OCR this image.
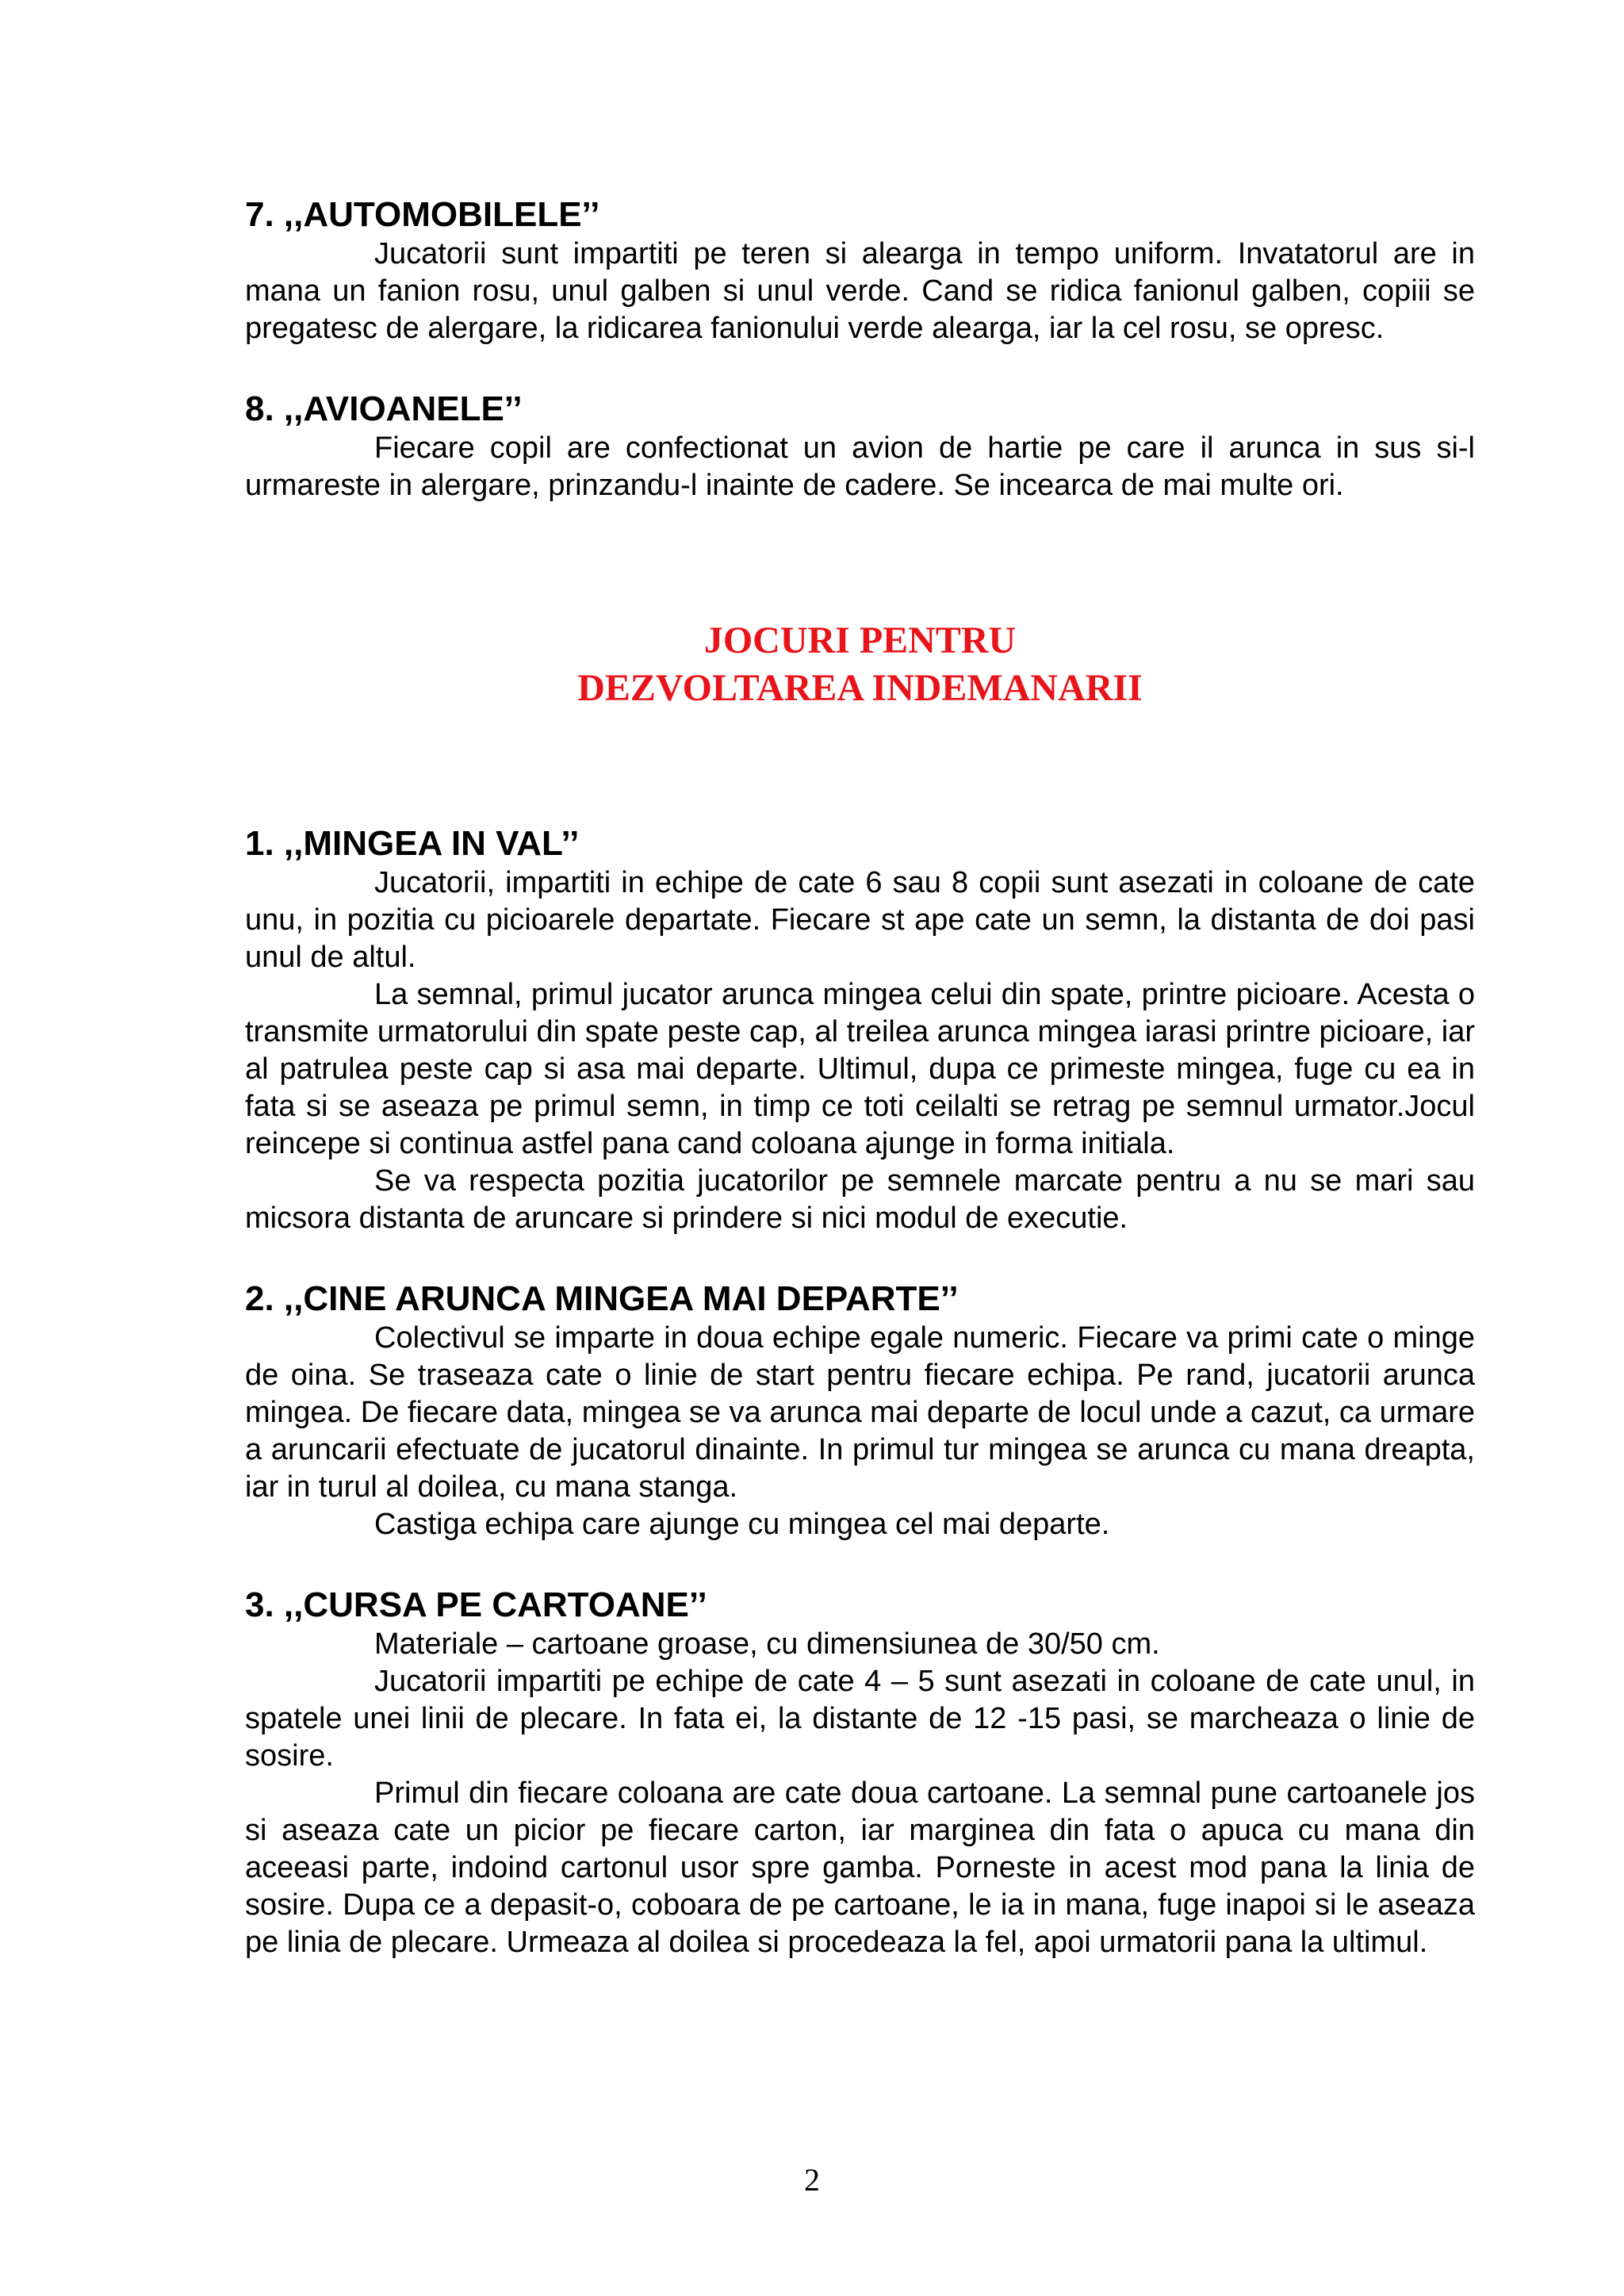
7. ,,AUTOMOBILELE’’

Jucatorii sunt impartiti pe teren si alearga in tempo uniform. Invatatorul are in mana un fanion rosu, unul galben si unul verde. Cand se ridica fanionul galben, copiii se pregatesc de alergare, la ridicarea fanionului verde alearga, iar la cel rosu, se opresc.

8. ,,AVIOANELE’’

Fiecare copil are confectionat un avion de hartie pe care il arunca in sus si-l urmareste in alergare, prinzandu-l inainte de cadere. Se incearca de mai multe ori.

JOCURI PENTRU
DEZVOLTAREA INDEMANARII
1. ,,MINGEA IN VAL’’

Jucatorii, impartiti in echipe de cate 6 sau 8 copii sunt asezati in coloane de cate unu, in pozitia cu picioarele departate. Fiecare st ape cate un semn, la distanta de doi pasi unul de altul.

La semnal, primul jucator arunca mingea celui din spate, printre picioare. Acesta o transmite urmatorului din spate peste cap, al treilea arunca mingea iarasi printre picioare, iar al patrulea peste cap si asa mai departe. Ultimul, dupa ce primeste mingea, fuge cu ea in fata si se aseaza pe primul semn, in timp ce toti ceilalti se retrag pe semnul urmator.Jocul reincepe si continua astfel pana cand coloana ajunge in forma initiala.

Se va respecta pozitia jucatorilor pe semnele marcate pentru a nu se mari sau micsora distanta de aruncare si prindere si nici modul de executie.

2. ,,CINE ARUNCA MINGEA MAI DEPARTE’’

Colectivul se imparte in doua echipe egale numeric. Fiecare va primi cate o minge de oina. Se traseaza cate o linie de start pentru fiecare echipa. Pe rand, jucatorii arunca mingea. De fiecare data, mingea se va arunca mai departe de locul unde a cazut, ca urmare a aruncarii efectuate de jucatorul dinainte. In primul tur mingea se arunca cu mana dreapta, iar in turul al doilea, cu mana stanga.

Castiga echipa care ajunge cu mingea cel mai departe.

3. ,,CURSA PE CARTOANE’’

Materiale – cartoane groase, cu dimensiunea de 30/50 cm.

Jucatorii impartiti pe echipe de cate 4 – 5 sunt asezati in coloane de cate unul, in spatele unei linii de plecare. In fata ei, la distante de 12 -15 pasi, se marcheaza o linie de sosire.

Primul din fiecare coloana are cate doua cartoane. La semnal pune cartoanele jos si aseaza cate un picior pe fiecare carton, iar marginea din fata o apuca cu mana din aceeasi parte, indoind cartonul usor spre gamba. Porneste in acest mod pana la linia de sosire. Dupa ce a depasit-o, coboara de pe cartoane, le ia in mana, fuge inapoi si le aseaza pe linia de plecare. Urmeaza al doilea si procedeaza la fel, apoi urmatorii pana la ultimul.

2
